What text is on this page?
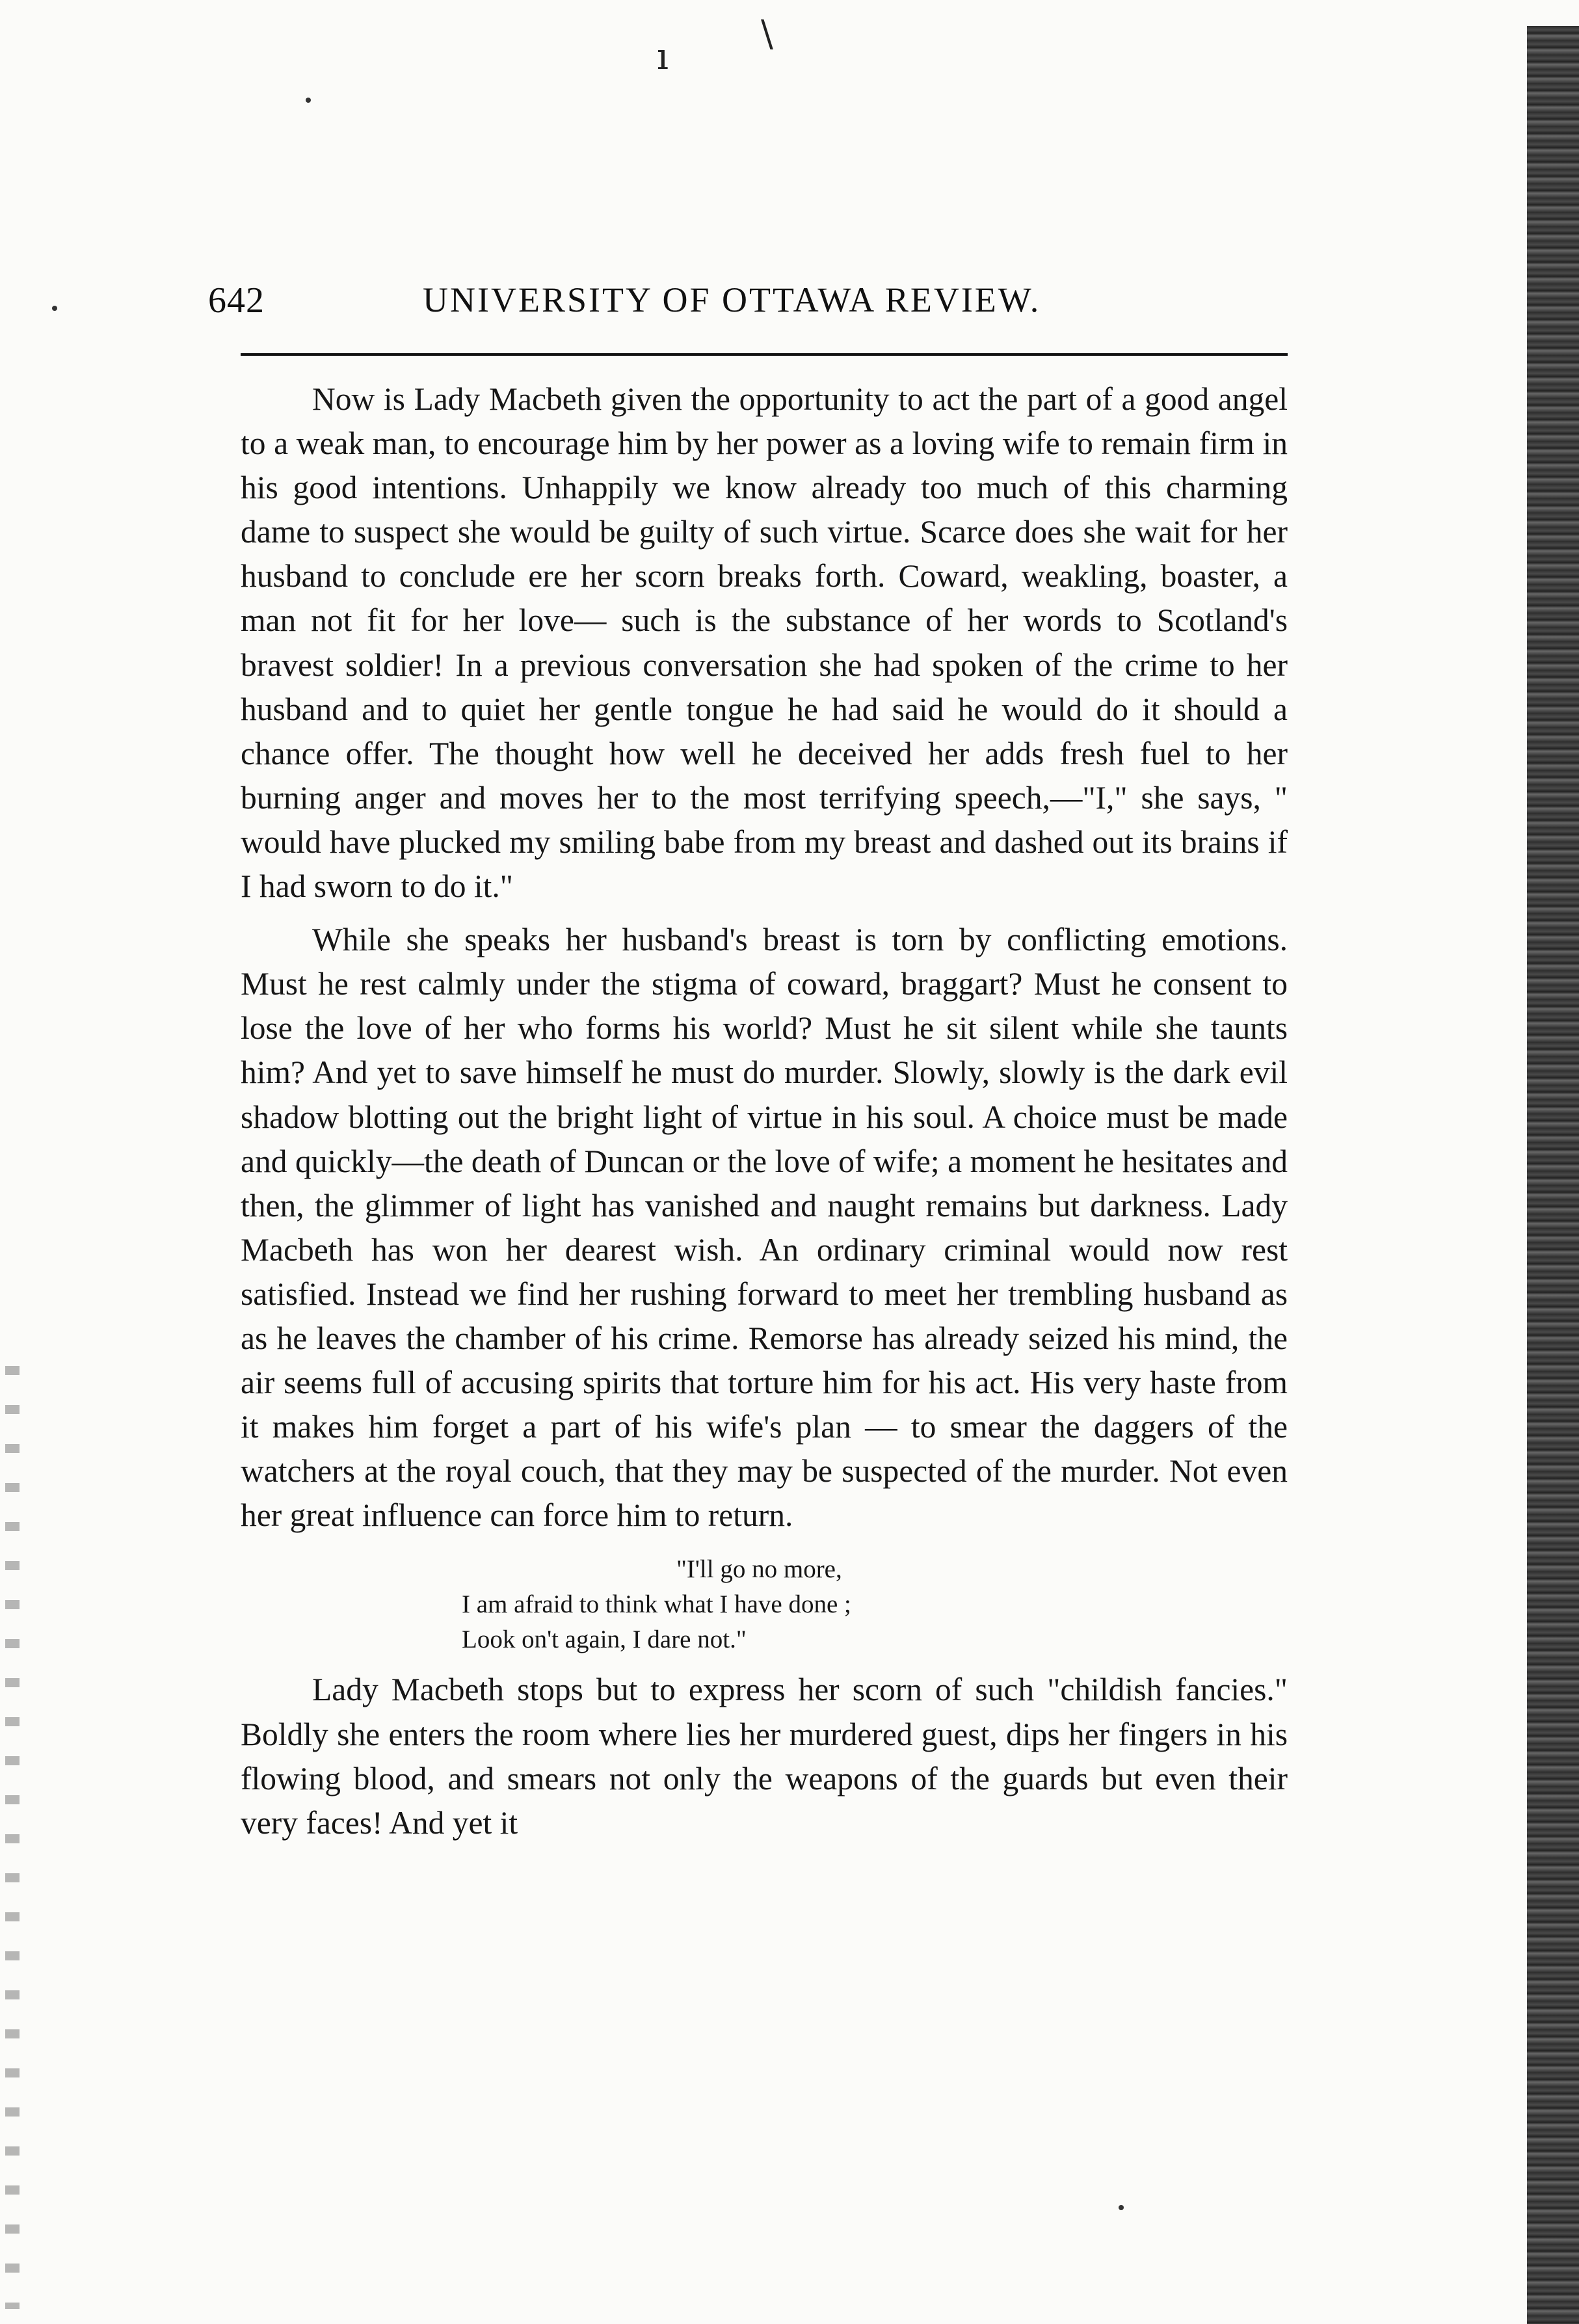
ı
\
642	UNIVERSITY OF OTTAWA REVIEW.

Now is Lady Macbeth given the opportunity to act the part of a good angel to a weak man, to encourage him by her power as a loving wife to remain firm in his good intentions. Unhappily we know already too much of this charming dame to suspect she would be guilty of such virtue. Scarce does she wait for her husband to conclude ere her scorn breaks forth. Coward, weakling, boaster, a man not fit for her love— such is the substance of her words to Scotland's bravest soldier! In a previous conversation she had spoken of the crime to her husband and to quiet her gentle tongue he had said he would do it should a chance offer. The thought how well he deceived her adds fresh fuel to her burning anger and moves her to the most terrifying speech,—"I," she says, " would have plucked my smiling babe from my breast and dashed out its brains if I had sworn to do it."

While she speaks her husband's breast is torn by conflicting emotions. Must he rest calmly under the stigma of coward, braggart? Must he consent to lose the love of her who forms his world? Must he sit silent while she taunts him? And yet to save himself he must do murder. Slowly, slowly is the dark evil shadow blotting out the bright light of virtue in his soul. A choice must be made and quickly—the death of Duncan or the love of wife; a moment he hesitates and then, the glimmer of light has vanished and naught remains but darkness. Lady Macbeth has won her dearest wish. An ordinary criminal would now rest satisfied. Instead we find her rushing forward to meet her trembling husband as as he leaves the chamber of his crime. Remorse has already seized his mind, the air seems full of accusing spirits that torture him for his act. His very haste from it makes him forget a part of his wife's plan — to smear the daggers of the watchers at the royal couch, that they may be suspected of the murder. Not even her great influence can force him to return.

"I'll go no more,
I am afraid to think what I have done ;
Look on't again, I dare not."

Lady Macbeth stops but to express her scorn of such "childish fancies." Boldly she enters the room where lies her murdered guest, dips her fingers in his flowing blood, and smears not only the weapons of the guards but even their very faces! And yet it
